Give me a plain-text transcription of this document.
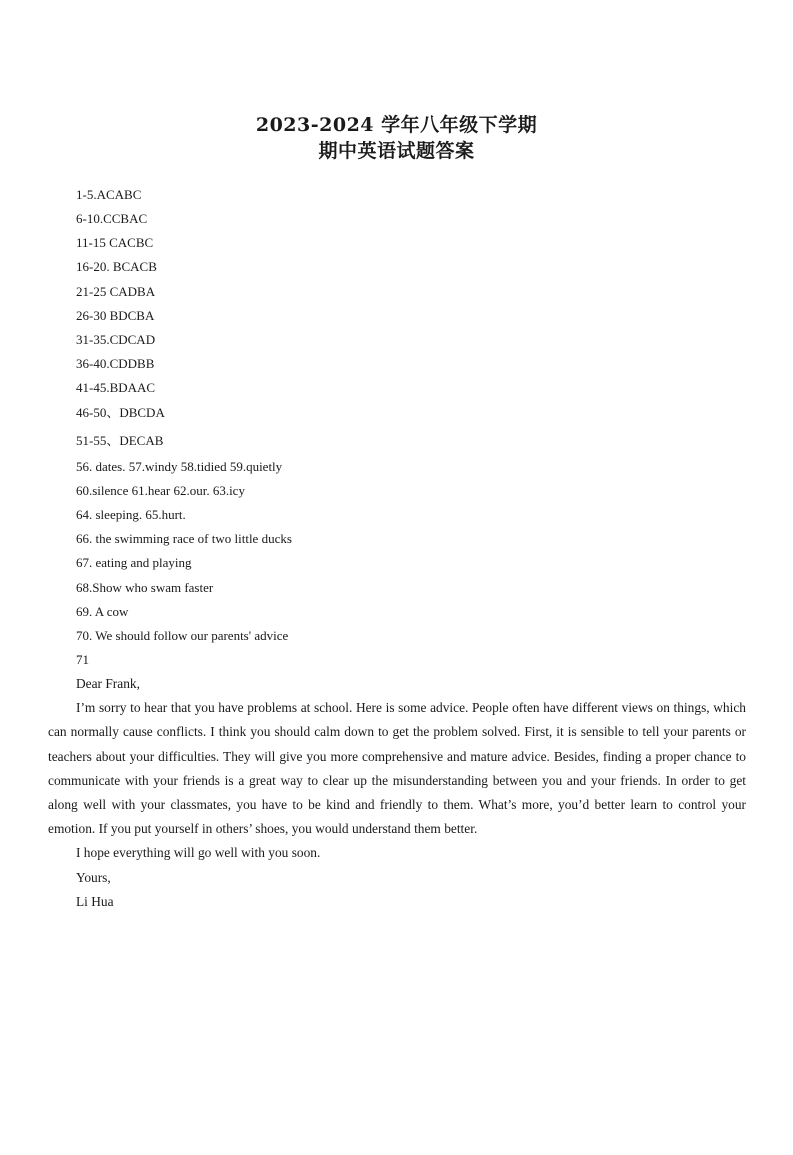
2023-2024 学年八年级下学期
期中英语试题答案
1-5.ACABC
6-10.CCBAC
11-15 CACBC
16-20. BCACB
21-25 CADBA
26-30 BDCBA
31-35.CDCAD
36-40.CDDBB
41-45.BDAAC
46-50、DBCDA
51-55、DECAB
56. dates. 57.windy 58.tidied 59.quietly
60.silence 61.hear 62.our. 63.icy
64. sleeping. 65.hurt.
66. the swimming race of two little ducks
67. eating and playing
68.Show who swam faster
69. A cow
70. We should follow our parents' advice
71

Dear Frank,

I’m sorry to hear that you have problems at school. Here is some advice. People often have different views on things, which can normally cause conflicts. I think you should calm down to get the problem solved. First, it is sensible to tell your parents or teachers about your difficulties. They will give you more comprehensive and mature advice. Besides, finding a proper chance to communicate with your friends is a great way to clear up the misunderstanding between you and your friends. In order to get along well with your classmates, you have to be kind and friendly to them. What’s more, you’d better learn to control your emotion. If you put yourself in others’ shoes, you would understand them better.

I hope everything will go well with you soon.

Yours,

Li Hua
